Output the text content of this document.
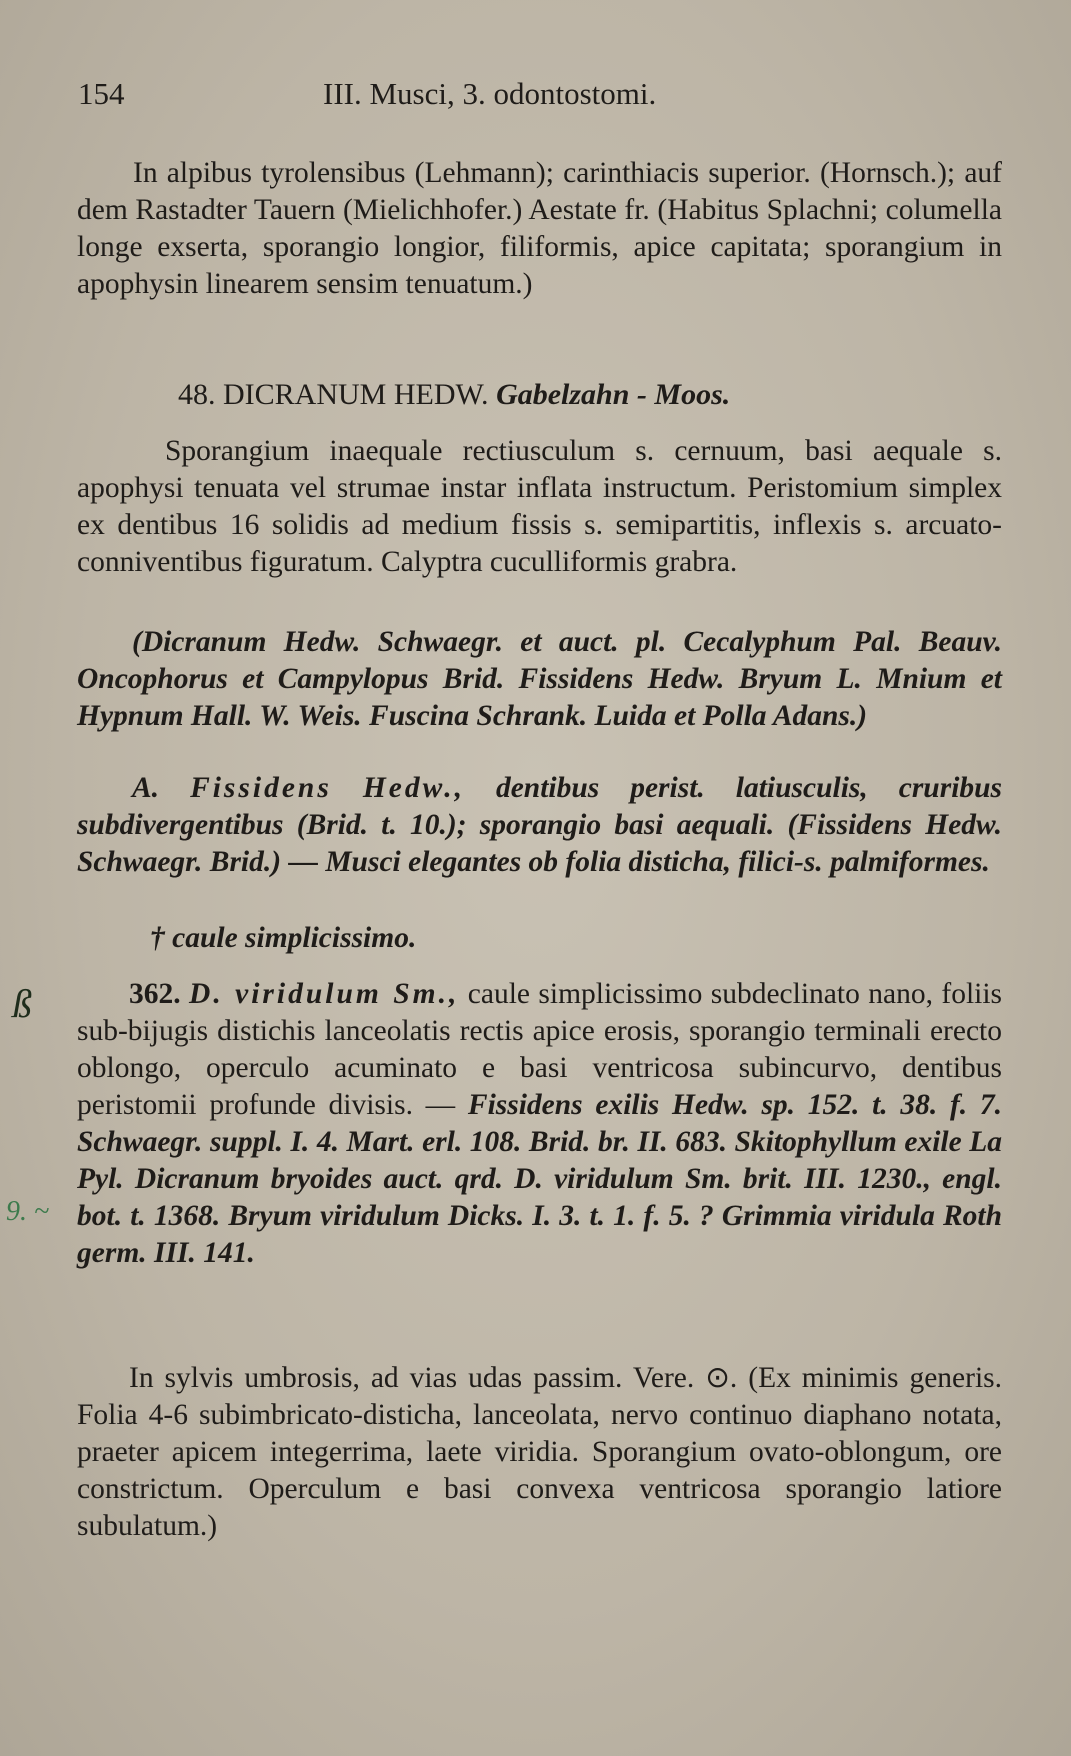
154	III. Musci, 3. odontostomi.
In alpibus tyrolensibus (Lehmann); carinthiacis superior. (Hornsch.); auf dem Rastadter Tauern (Mielichhofer.) Aestate fr. (Habitus Splachni; columella longe exserta, sporangio longior, filiformis, apice capitata; sporangium in apophysin linearem sensim tenuatum.)
48. DICRANUM HEDW. Gabelzahn - Moos.
Sporangium inaequale rectiusculum s. cernuum, basi aequale s. apophysi tenuata vel strumae instar inflata instructum. Peristomium simplex ex dentibus 16 solidis ad medium fissis s. semipartitis, inflexis s. arcuato-conniventibus figuratum. Calyptra cuculliformis grabra.
(Dicranum Hedw. Schwaegr. et auct. pl. Cecalyphum Pal. Beauv. Oncophorus et Campylopus Brid. Fissidens Hedw. Bryum L. Mnium et Hypnum Hall. W. Weis. Fuscina Schrank. Luida et Polla Adans.)
A. Fissidens Hedw., dentibus perist. latiusculis, cruribus subdivergentibus (Brid. t. 10.); sporangio basi aequali. (Fissidens Hedw. Schwaegr. Brid.) — Musci elegantes ob folia disticha, filici-s. palmiformes.
† caule simplicissimo.
362. D. viridulum Sm., caule simplicissimo subdeclinato nano, foliis sub-bijugis distichis lanceolatis rectis apice erosis, sporangio terminali erecto oblongo, operculo acuminato e basi ventricosa subincurvo, dentibus peristomii profunde divisis. — Fissidens exilis Hedw. sp. 152. t. 38. f. 7. Schwaegr. suppl. I. 4. Mart. erl. 108. Brid. br. II. 683. Skitophyllum exile La Pyl. Dicranum bryoides auct. qrd. D. viridulum Sm. brit. III. 1230., engl. bot. t. 1368. Bryum viridulum Dicks. I. 3. t. 1. f. 5. ? Grimmia viridula Roth germ. III. 141.
In sylvis umbrosis, ad vias udas passim. Vere. ⊙. (Ex minimis generis. Folia 4-6 subimbricato-disticha, lanceolata, nervo continuo diaphano notata, praeter apicem integerrima, laete viridia. Sporangium ovato-oblongum, ore constrictum. Operculum e basi convexa ventricosa sporangio latiore subulatum.)
ß
9. ~
